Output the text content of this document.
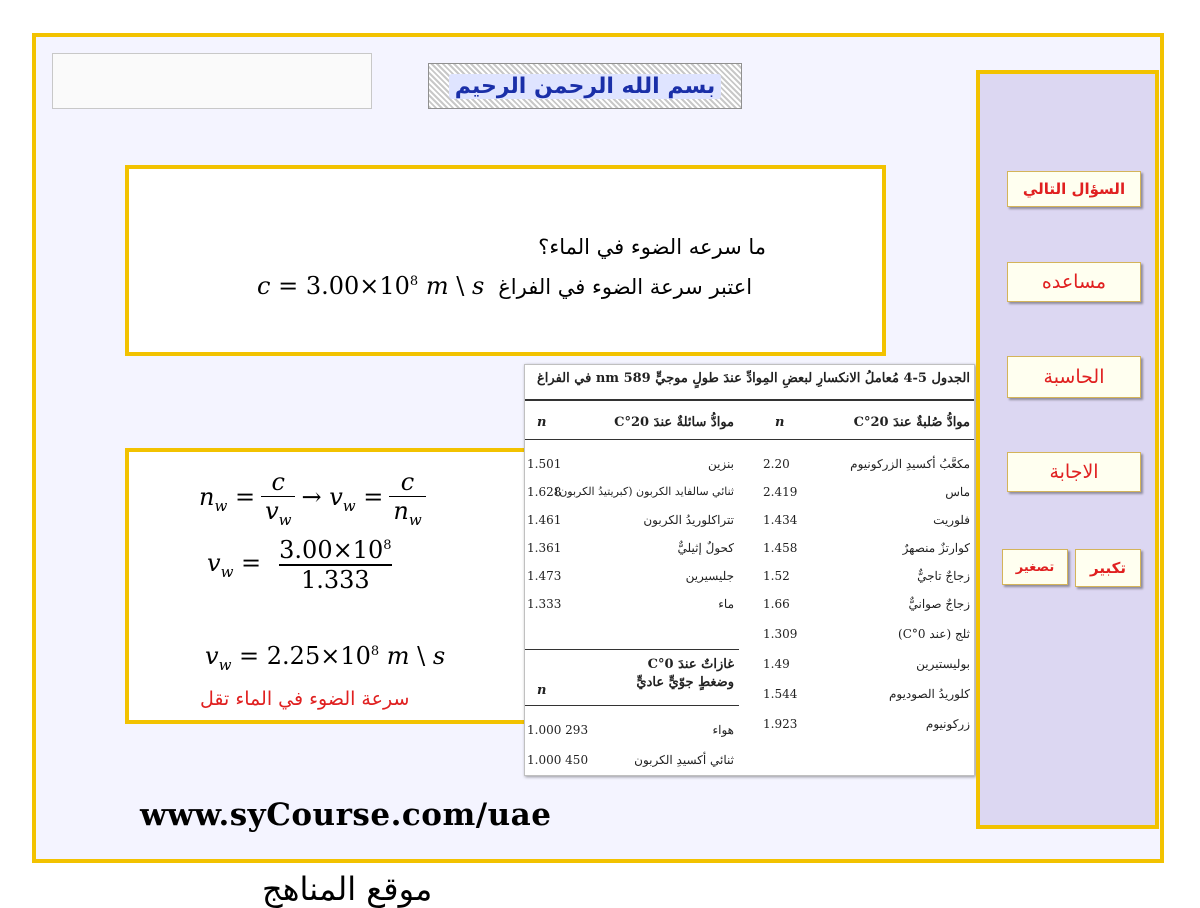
بسم الله الرحمن الرحيم
ما سرعه الضوء في الماء؟
$c = 3.00\times 10^8$ m \ s اعتبر سرعة الضوء في الفراغ
$n_w = \frac{c}{v_w} \to v_w = \frac{c}{n_w}$
$v_w = \frac{3.00\times 10^8}{1.333}$
$v_w = 2.25\times 10^8$ m \ s
سرعة الضوء في الماء تقل
الجدول 5-4 مُعاملُ الانكسارِ لبعضِ المِوادِّ عندَ طولٍ موجيٍّ 589 nm في الفراغ
موادُّ صُلبةٌ عندَ 20°C
n
موادُّ سائلةٌ عندَ 20°C
n
مكعَّبُ أكسيدِ الزركونيوم
2.20
ماس
2.419
فلوريت
1.434
كوارتزٌ منصهرٌ
1.458
زجاجٌ تاجيٌّ
1.52
زجاجٌ صوانيٌّ
1.66
ثلج (عند 0°C)
1.309
بوليستيرين
1.49
كلوريدُ الصوديوم
1.544
زركونيوم
1.923
بنزين
1.501
ثنائي سالفايد الكربون (كبريتيدُ الكربون)
1.628
تتراكلوريدُ الكربون
1.461
كحولٌ إثيليٌّ
1.361
جليسيرين
1.473
ماء
1.333
غازاتٌ عندَ 0°C
وضغطٍ جوّيٍّ عاديٍّ
n
هواء
1.000 293
ثنائي أكسيدِ الكربون
1.000 450
السؤال التالي
مساعده
الحاسبة
الاجابة
تكبير
تصغير
www.syCourse.com/uae
موقع المناهج
